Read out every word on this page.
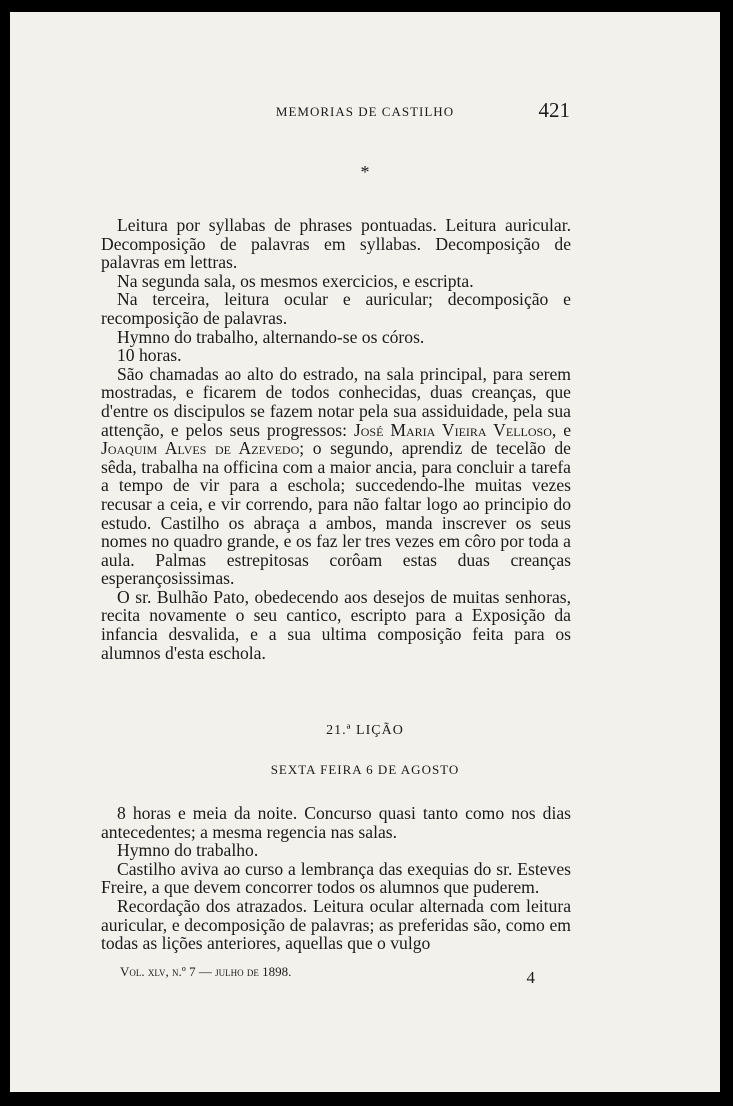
MEMORIAS DE CASTILHO	421
*

Leitura por syllabas de phrases pontuadas. Leitura auricular. Decomposição de palavras em syllabas. Decomposição de palavras em lettras.

Na segunda sala, os mesmos exercicios, e escripta.

Na terceira, leitura ocular e auricular; decomposição e recomposição de palavras.

Hymno do trabalho, alternando-se os córos.

10 horas.

São chamadas ao alto do estrado, na sala principal, para serem mostradas, e ficarem de todos conhecidas, duas creanças, que d'entre os discipulos se fazem notar pela sua assiduidade, pela sua attenção, e pelos seus progressos: José Maria Vieira Velloso, e Joaquim Alves de Azevedo; o segundo, aprendiz de tecelão de sêda, trabalha na officina com a maior ancia, para concluir a tarefa a tempo de vir para a eschola; succedendo-lhe muitas vezes recusar a ceia, e vir correndo, para não faltar logo ao principio do estudo. Castilho os abraça a ambos, manda inscrever os seus nomes no quadro grande, e os faz ler tres vezes em côro por toda a aula. Palmas estrepitosas corôam estas duas creanças esperançosissimas.

O sr. Bulhão Pato, obedecendo aos desejos de muitas senhoras, recita novamente o seu cantico, escripto para a Exposição da infancia desvalida, e a sua ultima composição feita para os alumnos d'esta eschola.

21.ª LIÇÃO
SEXTA FEIRA 6 DE AGOSTO

8 horas e meia da noite. Concurso quasi tanto como nos dias antecedentes; a mesma regencia nas salas.

Hymno do trabalho.

Castilho aviva ao curso a lembrança das exequias do sr. Esteves Freire, a que devem concorrer todos os alumnos que puderem.

Recordação dos atrazados. Leitura ocular alternada com leitura auricular, e decomposição de palavras; as preferidas são, como em todas as lições anteriores, aquellas que o vulgo

Vol. xlv, n.º 7 — julho de 1898.	4
